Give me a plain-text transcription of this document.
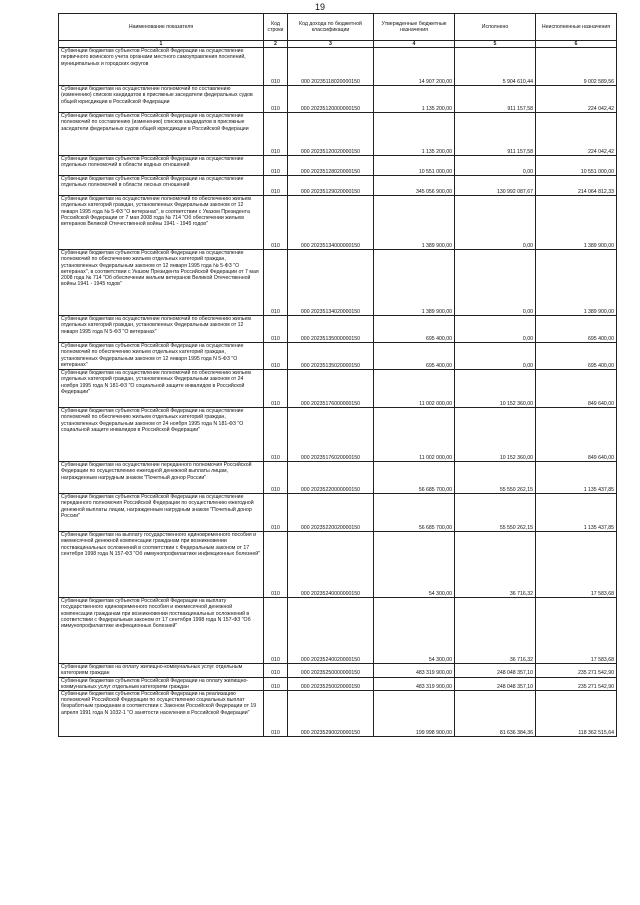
19
Наименование показателя	Код строки	Код дохода по бюджетной классификации	Утвержденные бюджетные назначения	Исполнено	Неисполненные назначения
1	2	3	4	5	6
Субвенции бюджетам субъектов Российской Федерации на осуществление первичного воинского учета органами местного самоуправления поселений, муниципальных и городских округов	010	000 20235118020000150	14 907 200,00	5 904 610,44	9 002 589,56
Субвенции бюджетам на осуществление полномочий по составлению (изменению) списков кандидатов в присяжные заседатели федеральных судов общей юрисдикции в Российской Федерации	010	000 20235120000000150	1 135 200,00	911 157,58	224 042,42
Субвенции бюджетам субъектов Российской Федерации на осуществление полномочий по составлению (изменению) списков кандидатов в присяжные заседатели федеральных судов общей юрисдикции в Российской Федерации	010	000 20235120020000150	1 135 200,00	911 157,58	224 042,42
Субвенции бюджетам субъектов Российской Федерации на осуществление отдельных полномочий в области водных отношений	010	000 20235128020000150	10 551 000,00	0,00	10 551 000,00
Субвенции бюджетам субъектов Российской Федерации на осуществление отдельных полномочий в области лесных отношений	010	000 20235129020000150	345 056 900,00	130 992 087,67	214 064 812,33
Субвенции бюджетам на осуществление полномочий по обеспечению жильем отдельных категорий граждан, установленных Федеральным законом от 12 января 1995 года № 5-ФЗ "О ветеранах", в соответствии с Указом Президента Российской Федерации от 7 мая 2008 года № 714 "Об обеспечении жильем ветеранов Великой Отечественной войны 1941 - 1945 годов"	010	000 20235134000000150	1 389 900,00	0,00	1 389 900,00
Субвенции бюджетам субъектов Российской Федерации на осуществление полномочий по обеспечению жильем отдельных категорий граждан, установленных Федеральным законом от 12 января 1995 года № 5-ФЗ "О ветеранах", в соответствии с Указом Президента Российской Федерации от 7 мая 2008 года № 714 "Об обеспечении жильем ветеранов Великой Отечественной войны 1941 - 1945 годов"	010	000 20235134020000150	1 389 900,00	0,00	1 389 900,00
Субвенции бюджетам на осуществление полномочий по обеспечению жильем отдельных категорий граждан, установленных Федеральным законом от 12 января 1995 года N 5-ФЗ "О ветеранах"	010	000 20235135000000150	695 400,00	0,00	695 400,00
Субвенции бюджетам субъектов Российской Федерации на осуществление полномочий по обеспечению жильем отдельных категорий граждан, установленных Федеральным законом от 12 января 1995 года N 5-ФЗ "О ветеранах"	010	000 20235135020000150	695 400,00	0,00	695 400,00
Субвенции бюджетам на осуществление полномочий по обеспечению жильем отдельных категорий граждан, установленных Федеральным законом от 24 ноября 1995 года N 181-ФЗ "О социальной защите инвалидов в Российской Федерации"	010	000 20235176000000150	11 002 000,00	10 152 360,00	849 640,00
Субвенции бюджетам субъектов Российской Федерации на осуществление полномочий по обеспечению жильем отдельных категорий граждан, установленных Федеральным законом от 24 ноября 1995 года N 181-ФЗ "О социальной защите инвалидов в Российской Федерации"	010	000 20235176020000150	11 002 000,00	10 152 360,00	849 640,00
Субвенции бюджетам на осуществление переданного полномочия Российской Федерации по осуществлению ежегодной денежной выплаты лицам, награжденным нагрудным знаком "Почетный донор России"	010	000 20235220000000150	56 685 700,00	55 550 262,15	1 135 437,85
Субвенции бюджетам субъектов Российской Федерации на осуществление переданного полномочия Российской Федерации по осуществлению ежегодной денежной выплаты лицам, награжденным нагрудным знаком "Почетный донор России"	010	000 20235220020000150	56 685 700,00	55 550 262,15	1 135 437,85
Субвенции бюджетам на выплату государственного единовременного пособия и ежемесячной денежной компенсации гражданам при возникновении поствакцинальных осложнений в соответствии с Федеральным законом от 17 сентября 1998 года N 157-ФЗ "Об иммунопрофилактике инфекционных болезней"	010	000 20235240000000150	54 300,00	36 716,32	17 583,68
Субвенции бюджетам субъектов Российской Федерации на выплату государственного единовременного пособия и ежемесячной денежной компенсации гражданам при возникновении поствакцинальных осложнений в соответствии с Федеральным законом от 17 сентября 1998 года N 157-ФЗ "Об иммунопрофилактике инфекционных болезней"	010	000 20235240020000150	54 300,00	36 716,32	17 583,68
Субвенции бюджетам на оплату жилищно-коммунальных услуг отдельным категориям граждан	010	000 20235250000000150	483 319 900,00	248 048 357,10	235 271 542,90
Субвенции бюджетам субъектов Российской Федерации на оплату жилищно-коммунальных услуг отдельным категориям граждан	010	000 20235250020000150	483 319 900,00	248 048 357,10	235 271 542,90
Субвенции бюджетам субъектов Российской Федерации на реализацию полномочий Российской Федерации по осуществлению социальных выплат безработным гражданам в соответствии с Законом Российской Федерации от 19 апреля 1991 года N 1032-1 "О занятости населения в Российской Федерации"	010	000 20235290020000150	199 998 900,00	81 636 384,36	118 362 515,64
